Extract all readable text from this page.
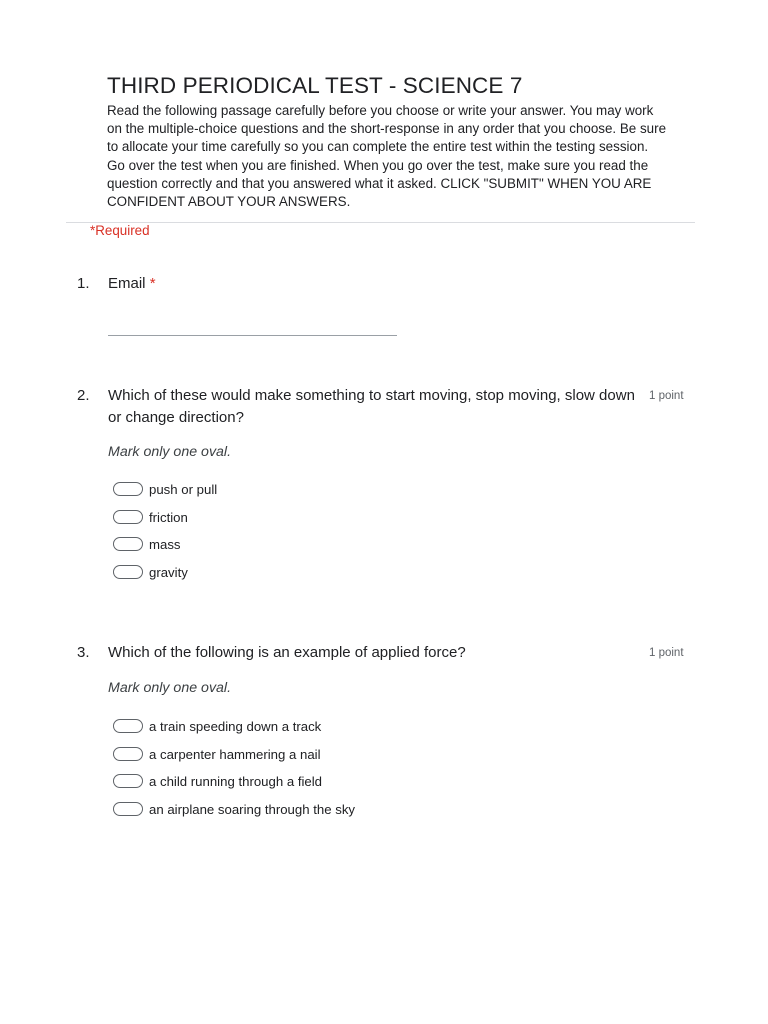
THIRD PERIODICAL TEST - SCIENCE 7

Read the following passage carefully before you choose or write your answer. You may work on the multiple-choice questions and the short-response in any order that you choose. Be sure to allocate your time carefully so you can complete the entire test within the testing session. Go over the test when you are finished. When you go over the test, make sure you read the question correctly and that you answered what it asked. CLICK "SUBMIT" WHEN YOU ARE CONFIDENT ABOUT YOUR ANSWERS.

*Required
1. Email *
2. Which of these would make something to start moving, stop moving, slow down or change direction?
1 point
Mark only one oval.
push or pull
friction
mass
gravity
3. Which of the following is an example of applied force?	1 point
Mark only one oval.
a train speeding down a track
a carpenter hammering a nail
a child running through a field
an airplane soaring through the sky
